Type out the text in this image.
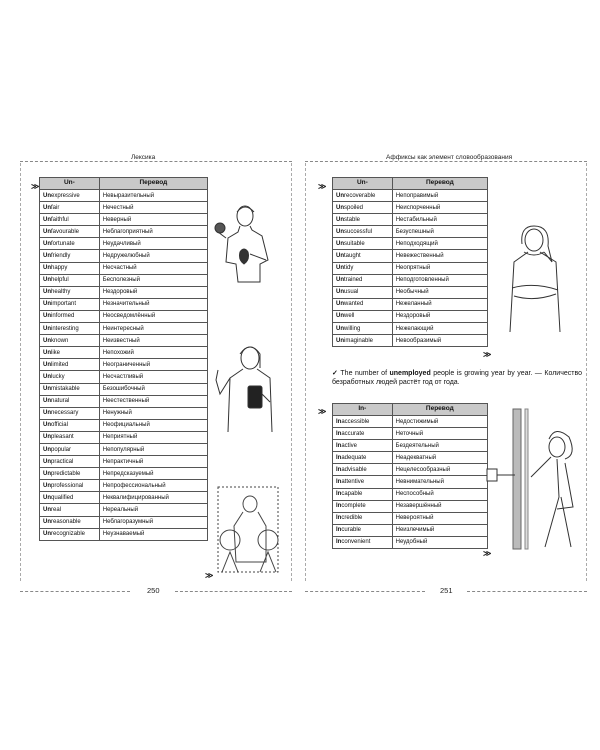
Лексика
≫	Un-	Перевод
Unexpressive	Невыразительный
Unfair	Нечестный
Unfaithful	Неверный
Unfavourable	Неблагоприятный
Unfortunate	Неудачливый
Unfriendly	Недружелюбный
Unhappy	Несчастный
Unhelpful	Бесполезный
Unhealthy	Нездоровый
Unimportant	Незначительный
Uninformed	Неосведомлённый
Uninteresting	Неинтересный
Unknown	Неизвестный
Unlike	Непохожий
Unlimited	Неограниченный
Unlucky	Несчастливый
Unmistakable	Безошибочный
Unnatural	Неестественный
Unnecessary	Ненужный
Unofficial	Неофициальный
Unpleasant	Неприятный
Unpopular	Непопулярный
Unpractical	Непрактичный
Unpredictable	Непредсказуемый
Unprofessional	Непрофессиональный
Unqualified	Неквалифицированный
Unreal	Нереальный
Unreasonable	Неблагоразумный
Unrecognizable	Неузнаваемый
≫
250
Аффиксы как элемент словообразования
≫	Un-	Перевод
Unrecoverable	Непоправимый
Unspoiled	Неиспорченный
Unstable	Нестабильный
Unsuccessful	Безуспешный
Unsuitable	Неподходящий
Untaught	Невежественный
Untidy	Неопрятный
Untrained	Неподготовленный
Unusual	Необычный
Unwanted	Нежеланный
Unwell	Нездоровый
Unwilling	Нежелающий
Unimaginable	Невообразимый
≫
✓ The number of unemployed people is growing year by year. — Количество безработных людей растёт год от года.
≫	In-	Перевод
Inaccessible	Недостижимый
Inaccurate	Неточный
Inactive	Бездеятельный
Inadequate	Неадекватный
Inadvisable	Нецелесообразный
Inattentive	Невнимательный
Incapable	Неспособный
Incomplete	Незавершённый
Incredible	Невероятный
Incurable	Неизлечимый
Inconvenient	Неудобный
≫
251
